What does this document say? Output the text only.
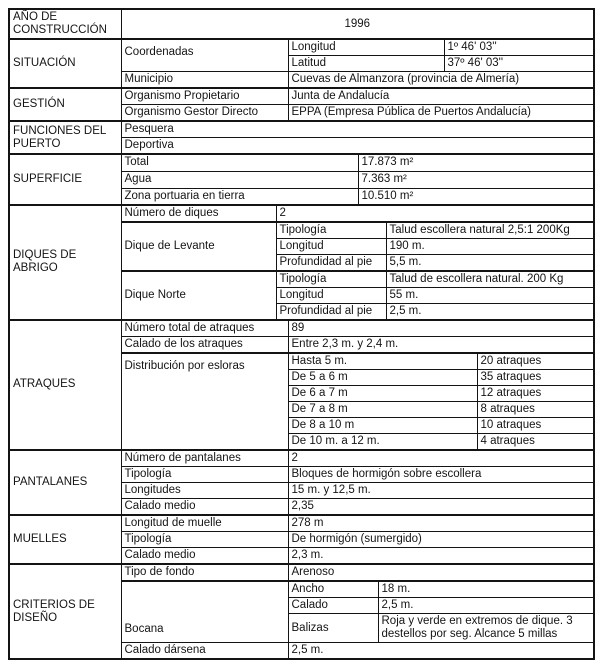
AÑO DE CONSTRUCCIÓN	1996							
SITUACIÓN	Coordenadas		Longitud				1º 46' 03''	
			Latitud				37º 46' 03''	
	Municipio		Cuevas de Almanzora (provincia de Almería)					
GESTIÓN	Organismo Propietario		Junta de Andalucía					
	Organismo Gestor Directo		EPPA (Empresa Pública de Puertos Andalucía)					
FUNCIONES DEL PUERTO	Pesquera							
	Deportiva							
SUPERFICIE	Total			17.873 m²				
	Agua			7.363 m²				
	Zona portuaria en tierra			10.510 m²				
DIQUES DE ABRIGO	Número de diques	2						
	Dique de Levante	Tipología				Talud escollera natural 2,5:1 200Kg		
		Longitud				190 m.		
		Profundidad al pie				5,5 m.		
	Dique Norte	Tipología				Talud de escollera natural. 200 Kg		
		Longitud				55 m.		
		Profundidad al pie				2,5 m.		
ATRAQUES	Número total de atraques		89					
	Calado de los atraques		Entre 2,3 m. y 2,4 m.					
	Distribución por esloras		Hasta 5 m.					20 atraques
			De 5 a 6 m					35 atraques
			De 6 a 7 m					12 atraques
			De 7 a 8 m					8 atraques
			De 8 a 10 m					10 atraques
			De 10 m. a 12 m.					4 atraques
PANTALANES	Número de pantalanes		2					
	Tipología		Bloques de hormigón sobre escollera					
	Longitudes		15 m. y 12,5 m.					
	Calado medio		2,35					
MUELLES	Longitud de muelle		278 m					
	Tipología		De hormigón (sumergido)					
	Calado medio		2,3 m.					
CRITERIOS DE DISEÑO	Tipo de fondo		Arenoso					
	Bocana		Ancho		18 m.			
			Calado		2,5 m.			
			Balizas		Roja y verde en extremos de dique. 3 destellos por seg. Alcance 5 millas			
	Calado dársena		2,5 m.					
